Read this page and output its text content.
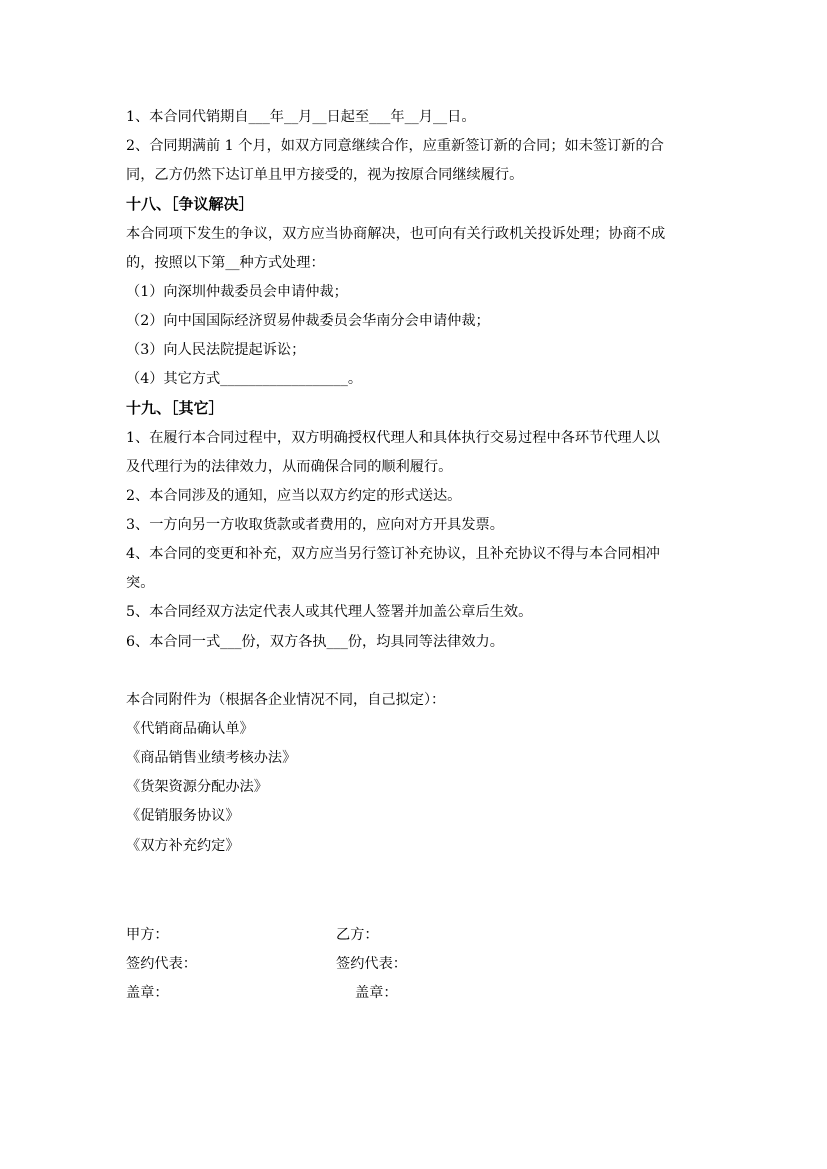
1、本合同代销期自___年__月__日起至___年__月__日。
2、合同期满前 1 个月，如双方同意继续合作，应重新签订新的合同；如未签订新的合
同，乙方仍然下达订单且甲方接受的，视为按原合同继续履行。
十八、［争议解决］
本合同项下发生的争议，双方应当协商解决，也可向有关行政机关投诉处理；协商不成
的，按照以下第__种方式处理：
（1）向深圳仲裁委员会申请仲裁；
（2）向中国国际经济贸易仲裁委员会华南分会申请仲裁；
（3）向人民法院提起诉讼；
（4）其它方式__________________。
十九、［其它］
1、在履行本合同过程中，双方明确授权代理人和具体执行交易过程中各环节代理人以
及代理行为的法律效力，从而确保合同的顺利履行。
2、本合同涉及的通知，应当以双方约定的形式送达。
3、一方向另一方收取货款或者费用的，应向对方开具发票。
4、本合同的变更和补充，双方应当另行签订补充协议，且补充协议不得与本合同相冲
突。
5、本合同经双方法定代表人或其代理人签署并加盖公章后生效。
6、本合同一式___份，双方各执___份，均具同等法律效力。
本合同附件为（根据各企业情况不同，自己拟定）：
《代销商品确认单》
《商品销售业绩考核办法》
《货架资源分配办法》
《促销服务协议》
《双方补充约定》
甲方：	乙方：
签约代表：	签约代表：
盖章：	盖章：
